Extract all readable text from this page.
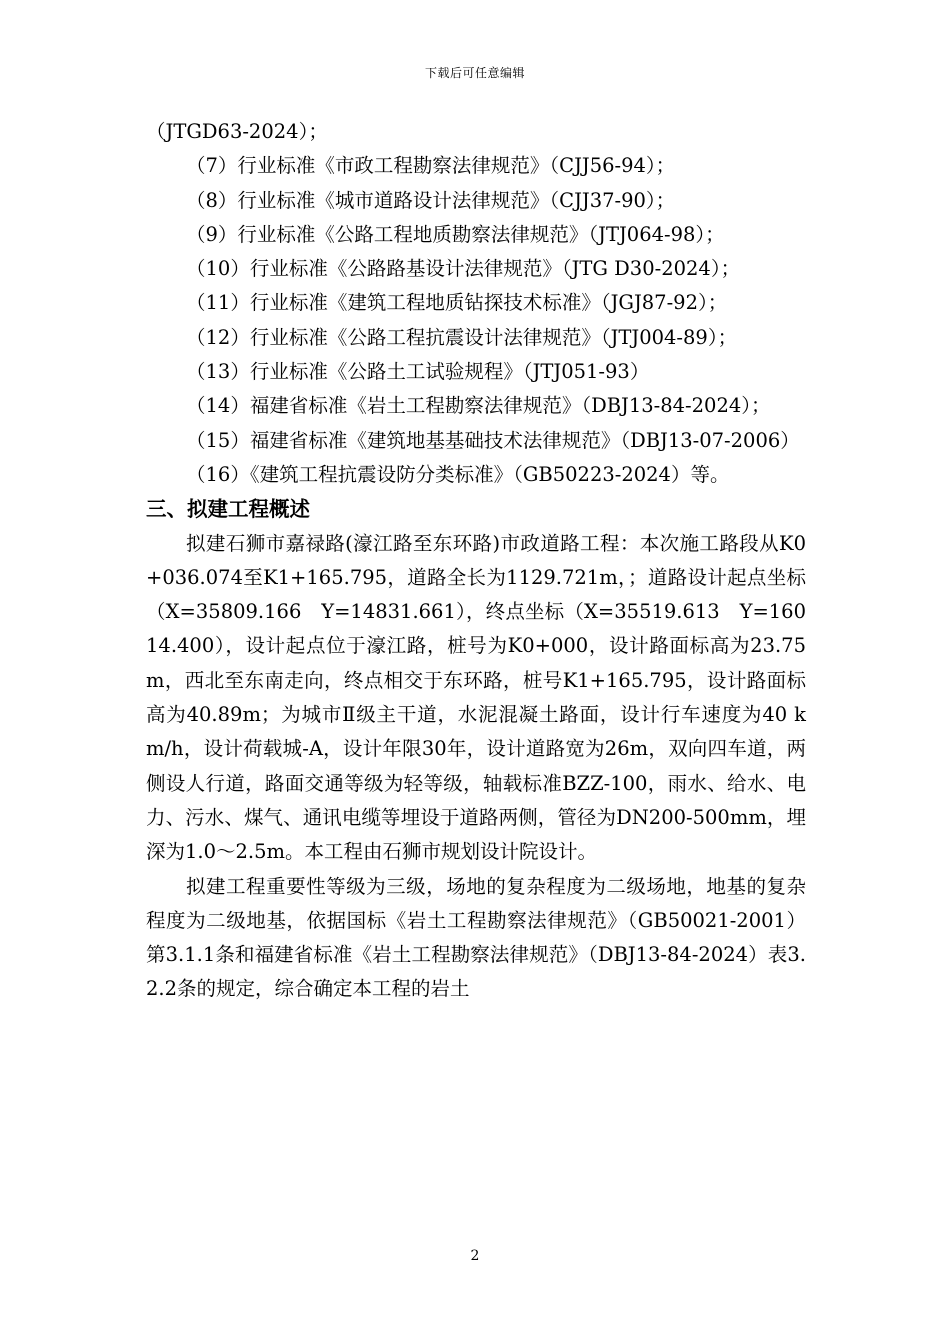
下载后可任意编辑

（JTGD63-2024）；

（7）行业标准《市政工程勘察法律规范》（CJJ56-94）；

（8）行业标准《城市道路设计法律规范》（CJJ37-90）；

（9）行业标准《公路工程地质勘察法律规范》（JTJ064-98）；

（10）行业标准《公路路基设计法律规范》（JTG D30-2024）；

（11）行业标准《建筑工程地质钻探技术标准》（JGJ87-92）；

（12）行业标准《公路工程抗震设计法律规范》（JTJ004-89）；

（13）行业标准《公路土工试验规程》（JTJ051-93）

（14）福建省标准《岩土工程勘察法律规范》（DBJ13-84-2024）；

（15）福建省标准《建筑地基基础技术法律规范》（DBJ13-07-2006）

（16）《建筑工程抗震设防分类标准》（GB50223-2024）等。

三、拟建工程概述

拟建石狮市嘉禄路(濠江路至东环路)市政道路工程：本次施工路段从K0+036.074至K1+165.795，道路全长为1129.721m，；道路设计起点坐标（X=35809.166　Y=14831.661），终点坐标（X=35519.613　Y=16014.400），设计起点位于濠江路，桩号为K0+000，设计路面标高为23.75m，西北至东南走向，终点相交于东环路，桩号K1+165.795，设计路面标高为40.89m；为城市Ⅱ级主干道，水泥混凝土路面，设计行车速度为40 km/h，设计荷载城-A，设计年限30年，设计道路宽为26m，双向四车道，两侧设人行道，路面交通等级为轻等级，轴载标准BZZ-100，雨水、给水、电力、污水、煤气、通讯电缆等埋设于道路两侧，管径为DN200-500mm，埋深为1.0～2.5m。本工程由石狮市规划设计院设计。

拟建工程重要性等级为三级，场地的复杂程度为二级场地，地基的复杂程度为二级地基，依据国标《岩土工程勘察法律规范》（GB50021-2001）第3.1.1条和福建省标准《岩土工程勘察法律规范》（DBJ13-84-2024）表3.2.2条的规定，综合确定本工程的岩土

2
